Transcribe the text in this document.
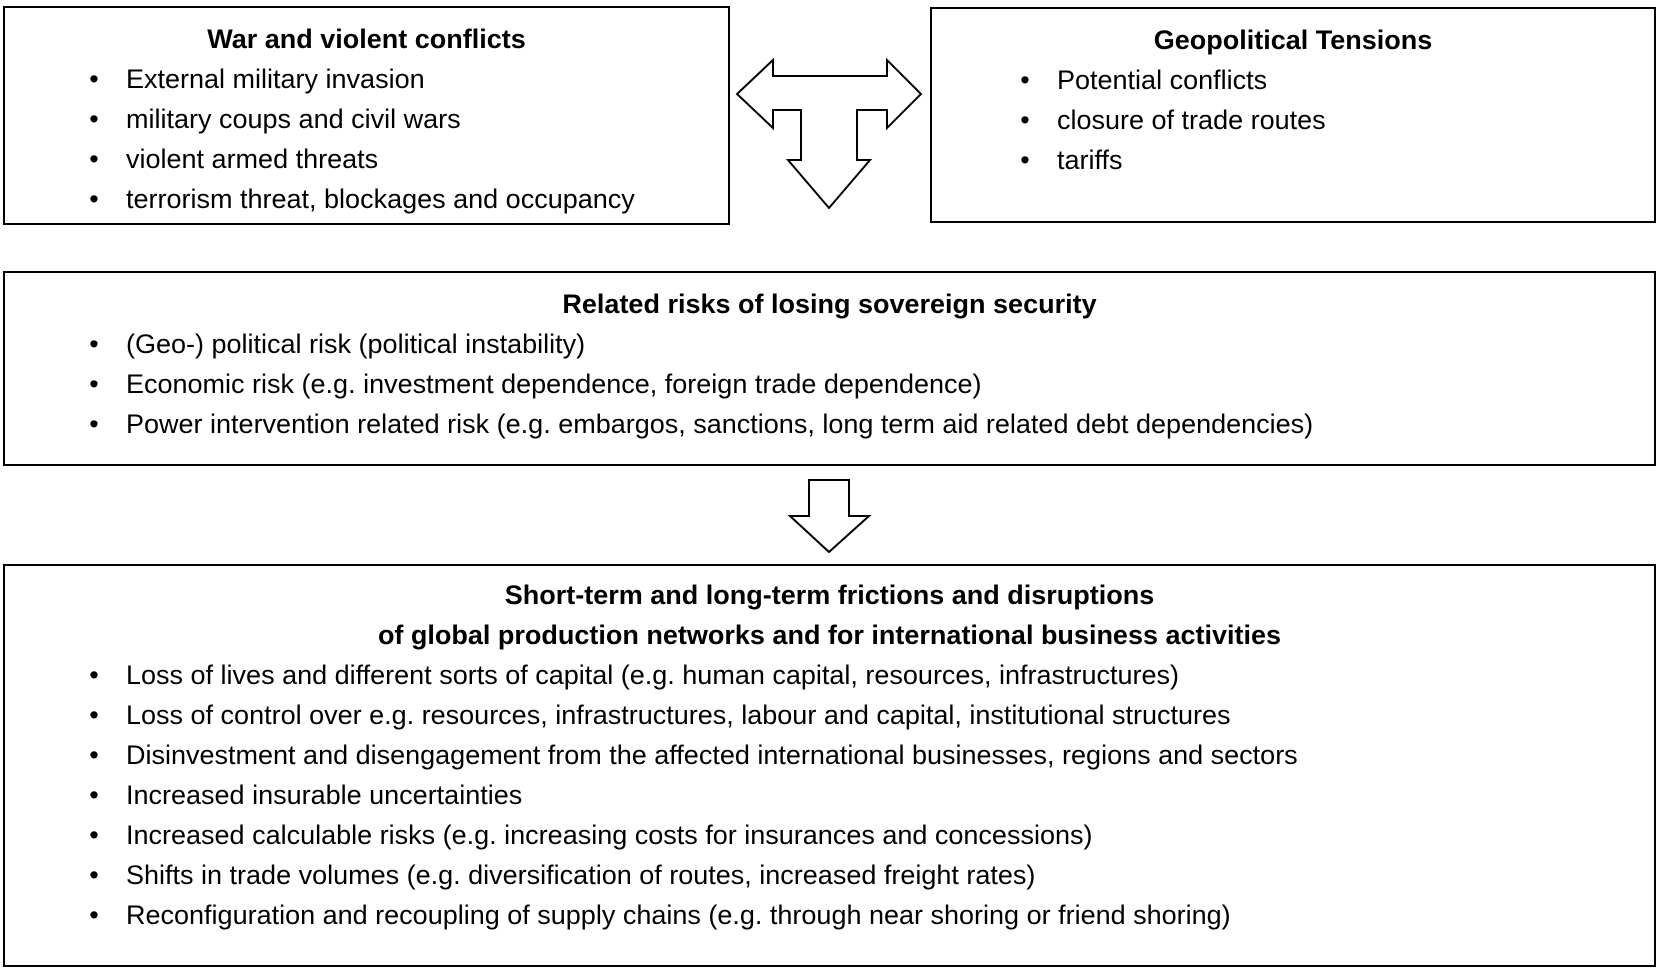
War and violent conflicts

• External military invasion
• military coups and civil wars
• violent armed threats
• terrorism threat, blockages and occupancy

Geopolitical Tensions

• Potential conflicts
• closure of trade routes
• tariffs

Related risks of losing sovereign security

• (Geo-) political risk (political instability)
• Economic risk (e.g. investment dependence, foreign trade dependence)
• Power intervention related risk (e.g. embargos, sanctions, long term aid related debt dependencies)

Short-term and long-term frictions and disruptions

of global production networks and for international business activities

• Loss of lives and different sorts of capital (e.g. human capital, resources, infrastructures)
• Loss of control over e.g. resources, infrastructures, labour and capital, institutional structures
• Disinvestment and disengagement from the affected international businesses, regions and sectors
• Increased insurable uncertainties
• Increased calculable risks (e.g. increasing costs for insurances and concessions)
• Shifts in trade volumes (e.g. diversification of routes, increased freight rates)
• Reconfiguration and recoupling of supply chains (e.g. through near shoring or friend shoring)
